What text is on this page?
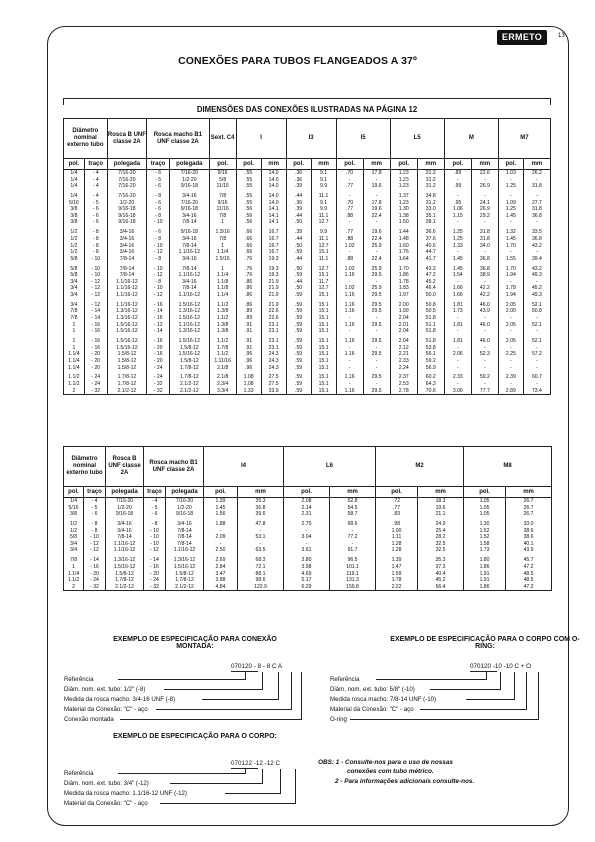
13
ERMETO
CONEXÕES PARA TUBOS FLANGEADOS A 37º
DIMENSÕES DAS CONEXÕES ILUSTRADAS NA PÁGINA 12
Diâmetro nominal externo tubo		Rosca B UNF classe 2A	Rosca macho B1 UNF classe 2A		Sext. C4	I		I3		I5		L5		M		M7	
pol.	traço	polegada	traço	polegada	pol.	pol.	mm	pol.	mm	pol.	mm	pol.	mm	pol.	mm	pol.	mm
1/4	- 4	7/16-20	- 6	7/16-20	9/16	.55	14.0	.36	9.1	.70	17.8	1.23	31.2	.89	22.6	1.03	26.2
1/4	- 4	7/16-20	- 5	1/2-20	5/8	.55	14.0	.36	9.1	-	-	1.23	31.2	-	-	-	-
1/4	- 4	7/16-20	- 6	9/16-18	11/16	.55	14.0	.39	9.9	.77	19.6	1.23	31.2	.99	26.9	1.25	31.8

1/4	- 4	7/16-20	- 8	3/4-16	7/8	.55	14.0	.44	11.1	-	-	1.37	34.8	-	-	-	-
5/16	- 5	1/2-20	- 6	7/16-20	9/16	.55	14.0	.36	9.1	.70	17.8	1.23	31.2	.95	24.1	1.09	27.7
3/8	- 6	9/16-18	- 6	9/16-18	11/16	.56	14.1	.39	9.9	.77	19.6	1.30	33.0	1.06	26.9	1.25	31.8
3/8	- 6	9/16-18	- 8	3/4-16	7/8	.56	14.1	.44	11.1	.88	22.4	1.38	35.1	1.15	29.2	1.45	36.8
3/8	- 6	9/16-18	- 10	7/8-14	1	.56	14.1	.50	12.7	-	-	1.50	38.1	-	-	-	-

1/2	- 8	3/4-16	- 6	9/16-18	1.3/16	.66	16.7	.39	9.9	.77	19.6	1.44	36.6	1.25	31.8	1.32	33.5
1/2	- 8	3/4-16	- 8	3/4-16	7/8	.66	16.7	.44	11.1	.88	22.4	1.48	37.6	1.25	31.8	1.45	36.8
1/2	- 8	3/4-16	- 10	7/8-14	1	.66	16.7	.50	12.7	1.02	25.9	1.60	40.6	1.33	34.0	1.70	43.2
1/2	- 8	3/4-16	- 12	1.1/16-12	1.1/4	.66	16.7	.59	15.1	-	-	1.76	44.7	-	-	-	-
5/8	- 10	7/8-14	- 8	3/4-16	1.5/16	.76	19.3	.44	11.1	.88	22.4	1.64	41.7	1.45	36.8	1.55	39.4

5/8	- 10	7/8-14	- 10	7/8-14	1	.76	19.3	.50	12.7	1.02	25.9	1.70	43.2	1.45	36.8	1.70	43.2
5/8	- 10	7/8-14	- 12	1.1/16-12	1.1/4	.76	19.3	.59	15.1	1.16	29.5	1.86	47.2	1.54	38.9	1.94	49.3
3/4	- 12	1.1/16-12	- 8	3/4-16	1.1/8	.86	21.9	.44	11.7	-	-	1.78	45.2	-	-	-	-
3/4	- 12	1.1/16-12	- 10	7/8-14	1.1/8	.86	21.9	.50	12.7	1.02	25.9	1.83	46.4	1.66	42.2	1.78	45.2
3/4	- 12	1.1/16-12	- 12	1.1/16-12	1.1/4	.86	21.9	.59	15.1	1.16	29.5	1.97	50.0	1.66	42.2	1.94	49.3

3/4	- 12	1.1/16-12	- 16	1.5/16-12	1.1/2	.86	21.9	.59	15.1	1.16	29.5	2.00	50.8	1.81	46.0	2.05	52.1
7/8	- 14	1.3/16-12	- 14	1.3/16-12	1.3/8	.89	22.6	.59	15.1	1.16	29.5	1.99	50.5	1.73	43.9	2.00	50.8
7/8	- 14	1.3/16-12	- 16	1.5/16-12	1.1/2	.89	22.6	.59	15.1	-	-	2.04	51.8	-	-	-	-
1	- 16	1.5/16-12	- 12	1.1/16-12	1.3/8	.91	23.1	.59	15.1	1.16	29.5	2.01	51.1	1.81	46.0	2.05	52.1
1	- 16	1.5/16-12	- 14	1.3/16-12	1.3/8	.91	23.1	.59	15.1	-	-	2.04	51.8	-	-	-	-

1	- 16	1.5/16-12	- 16	1.5/16-12	1.1/2	.91	23.1	.59	15.1	1.16	29.5	2.04	51.8	1.81	46.0	2.05	52.1
1	- 16	1.5/16-12	- 20	1.5/8-12	1.7/8	.91	23.1	.59	15.1	-	-	2.12	53.8	-	-	-	-
1.1/4	- 20	1.5/8-12	- 16	1.5/16-12	1.1/2	.96	24.3	.59	15.1	1.16	29.5	2.21	56.1	2.06	52.3	2.25	57.2
1.1/4	- 20	1.5/8-12	- 20	1.5/8-12	1.11/16	.96	24.3	.59	15.1	-	-	2.33	59.2	-	-	-	-
1.1/4	- 20	1.5/8-12	- 24	1.7/8-12	2.1/8	.96	24.3	.59	15.1	-	-	2.24	56.9	-	-	-	-

1.1/2	- 24	1.7/8-12	- 24	1.7/8-12	2.1/8	1.08	27.5	.59	15.1	1.16	29.5	2.37	60.2	2.33	59.2	2.39	60.7
1.1/2	- 24	1.7/8-12	- 32	2.1/2-12	2.3/4	1.08	27.5	.59	15.1	-	-	2.53	64.3	-	-	-	-
2	- 32	2.1/2-12	- 32	2.1/2-12	3.3/4	1.33	33.9	.59	15.1	1.16	29.5	2.78	70.6	3.06	77.7	2.89	73.4
Diâmetro nominal externo tubo		Rosca B UNF classe 2A	Rosca macho B1 UNF classe 2A		I4		L6		M2		M8	
pol.	traço	polegada	traço	polegada	pol.	mm	pol.	mm	pol.	mm	pol.	mm
1/4	- 4	7/16-20	- 4	7/16-20	1.39	35.3	2.08	52.8	.72	18.3	1.05	26.7
5/16	- 5	1/2-20	- 5	1/2-20	1.45	36.8	2.14	54.5	.77	19.6	1.05	26.7
3/8	- 6	9/16-18	- 6	9/16-18	1.56	39.6	2.31	58.7	.83	21.1	1.05	26.7

1/2	- 8	3/4-16	- 8	3/4-16	1.88	47.8	2.70	68.6	.98	24.9	1.30	33.0
1/2	- 8	3/4-16	- 10	7/8-14	-	-	-	-	1.00	25.4	1.52	38.6
5/8	- 10	7/8-14	- 10	7/8-14	2.09	53.1	3.04	77.2	1.11	28.2	1.52	38.6
3/4	- 12	1.1/16-12	- 10	7/8-14	-	-	-	-	1.28	32.5	1.58	40.1
3/4	- 12	1.1/16-12	- 12	1.1/16-12	2.50	63.5	3.61	91.7	1.28	32.5	1.73	43.9

7/8	- 14	1.3/16-12	- 14	1.3/16-12	2.69	68.3	3.80	96.5	1.39	35.3	1.80	45.7
1	- 16	1.5/16-12	- 16	1.5/16-12	2.84	72.1	3.98	101.1	1.47	37.3	1.86	47.2
1.1/4	- 20	1.5/8-12	- 20	1.5/8-12	3.47	88.1	4.69	119.1	1.59	40.4	1.91	48.5
1.1/2	- 24	1.7/8-12	- 24	1.7/8-12	3.88	98.6	5.17	131.3	1.78	45.2	1.91	48.5
2	- 32	2.1/2-12	- 32	2.1/2-12	4.84	122.9	6.29	159.8	2.22	56.4	1.86	47.2
EXEMPLO DE ESPECIFICAÇÃO PARA CONEXÃO MONTADA:
070120 - 8 - 8 C A
Referência
Diâm. nom. ext. tubo: 1/2" (-8)
Medida da rosca macho: 3/4-16 UNF (-8)
Material da Conexão: "C" - aço
Conexão montada
EXEMPLO DE ESPECIFICAÇÃO PARA O CORPO COM O-RING:
070120 -10 -10 C + O
Referência
Diâm. nom. ext. tubo: 5/8" (-10)
Medida rosca macho: 7/8-14 UNF (-10)
Material da Conexão: "C" - aço
O-ring
EXEMPLO DE ESPECIFICAÇÃO PARA O CORPO:
070122 -12 -12 C
Referência
Diâm. nom. ext. tubo: 3/4" (-12)
Medida da rosca macho: 1.1/16-12 UNF (-12)
Material da Conexão: "C" - aço
OBS: 1 - Consulte-nos para o uso de nossas
conexões com tubo métrico.
2 - Para informações adicionais consulte-nos.
